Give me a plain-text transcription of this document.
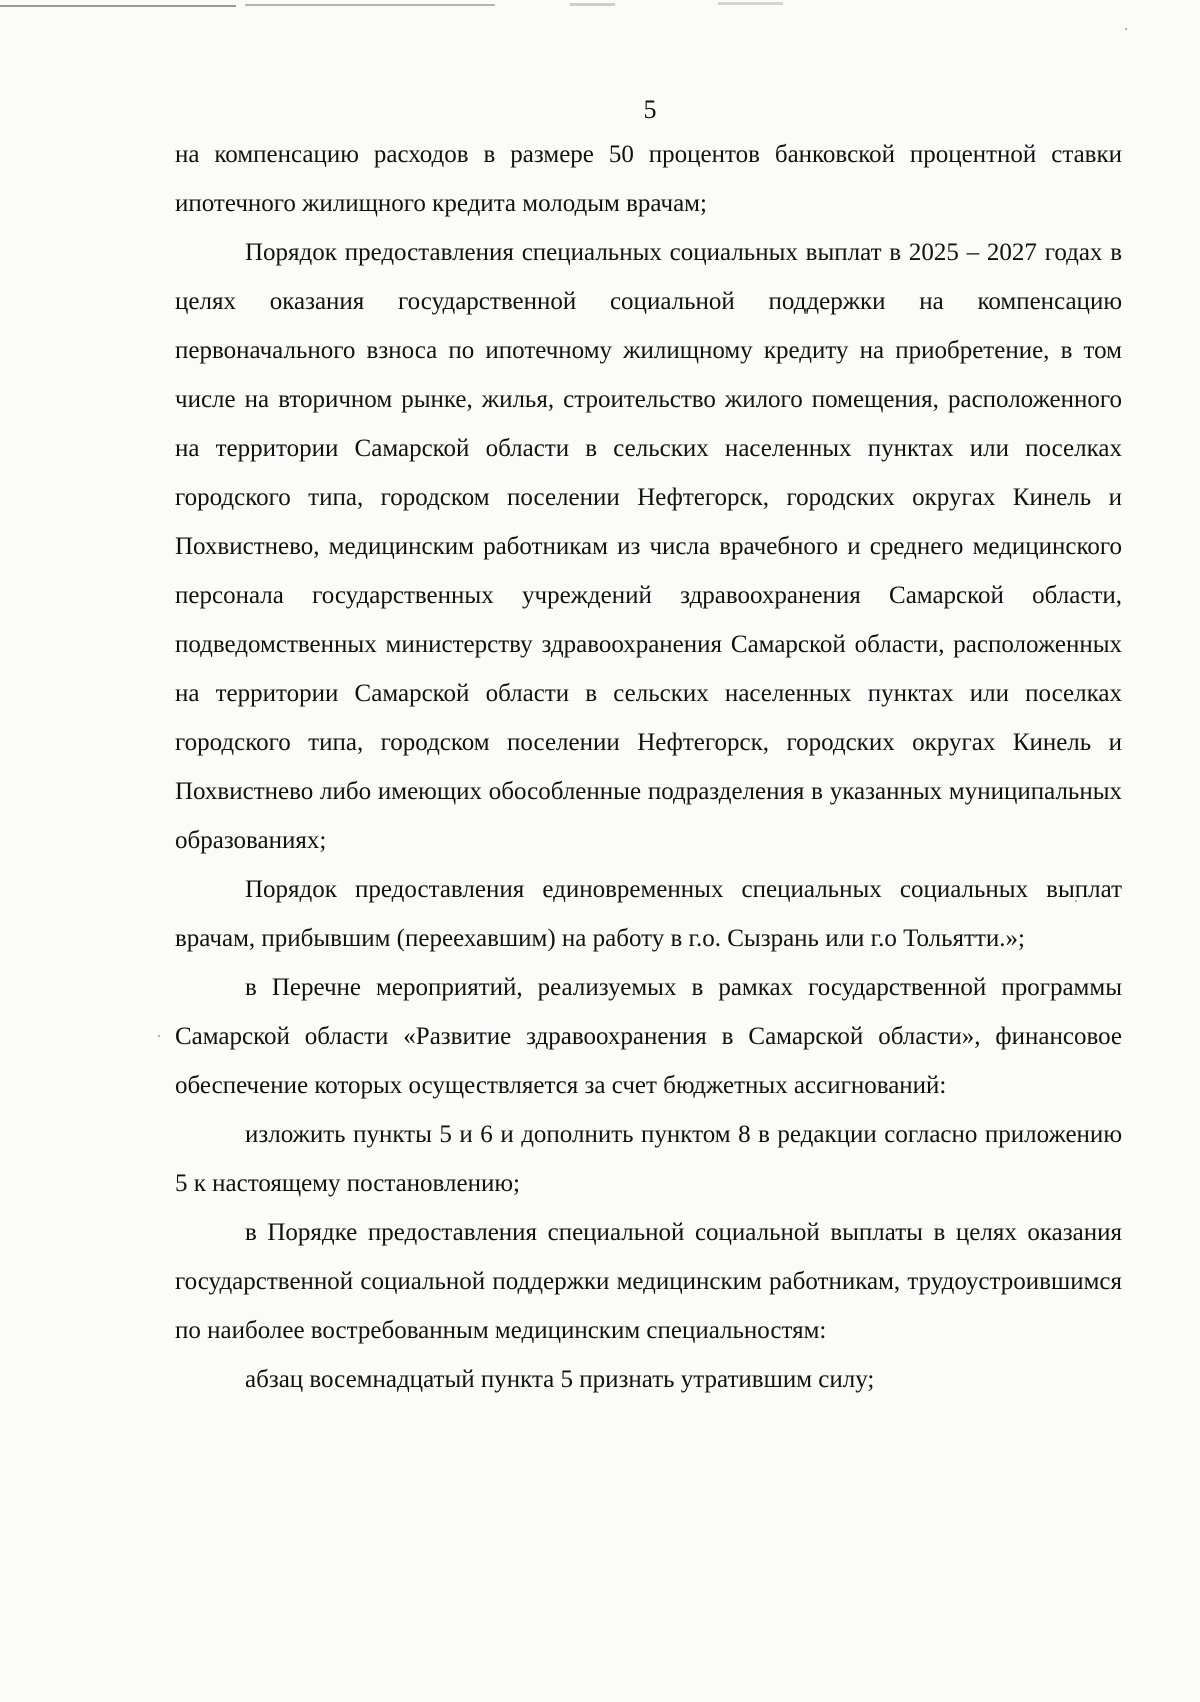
5

на компенсацию расходов в размере 50 процентов банковской процентной ставки ипотечного жилищного кредита молодым врачам;

Порядок предоставления специальных социальных выплат в 2025 – 2027 годах в целях оказания государственной социальной поддержки на компенсацию первоначального взноса по ипотечному жилищному кредиту на приобретение, в том числе на вторичном рынке, жилья, строительство жилого помещения, расположенного на территории Самарской области в сельских населенных пунктах или поселках городского типа, городском поселении Нефтегорск, городских округах Кинель и Похвистнево, медицинским работникам из числа врачебного и среднего медицинского персонала государственных учреждений здравоохранения Самарской области, подведомственных министерству здравоохранения Самарской области, расположенных на территории Самарской области в сельских населенных пунктах или поселках городского типа, городском поселении Нефтегорск, городских округах Кинель и Похвистнево либо имеющих обособленные подразделения в указанных муниципальных образованиях;

Порядок предоставления единовременных специальных социальных выплат врачам, прибывшим (переехавшим) на работу в г.о. Сызрань или г.о Тольятти.»;

в Перечне мероприятий, реализуемых в рамках государственной программы Самарской области «Развитие здравоохранения в Самарской области», финансовое обеспечение которых осуществляется за счет бюджетных ассигнований:

изложить пункты 5 и 6 и дополнить пунктом 8 в редакции согласно приложению 5 к настоящему постановлению;

в Порядке предоставления специальной социальной выплаты в целях оказания государственной социальной поддержки медицинским работникам, трудоустроившимся по наиболее востребованным медицинским специальностям:

абзац восемнадцатый пункта 5 признать утратившим силу;
